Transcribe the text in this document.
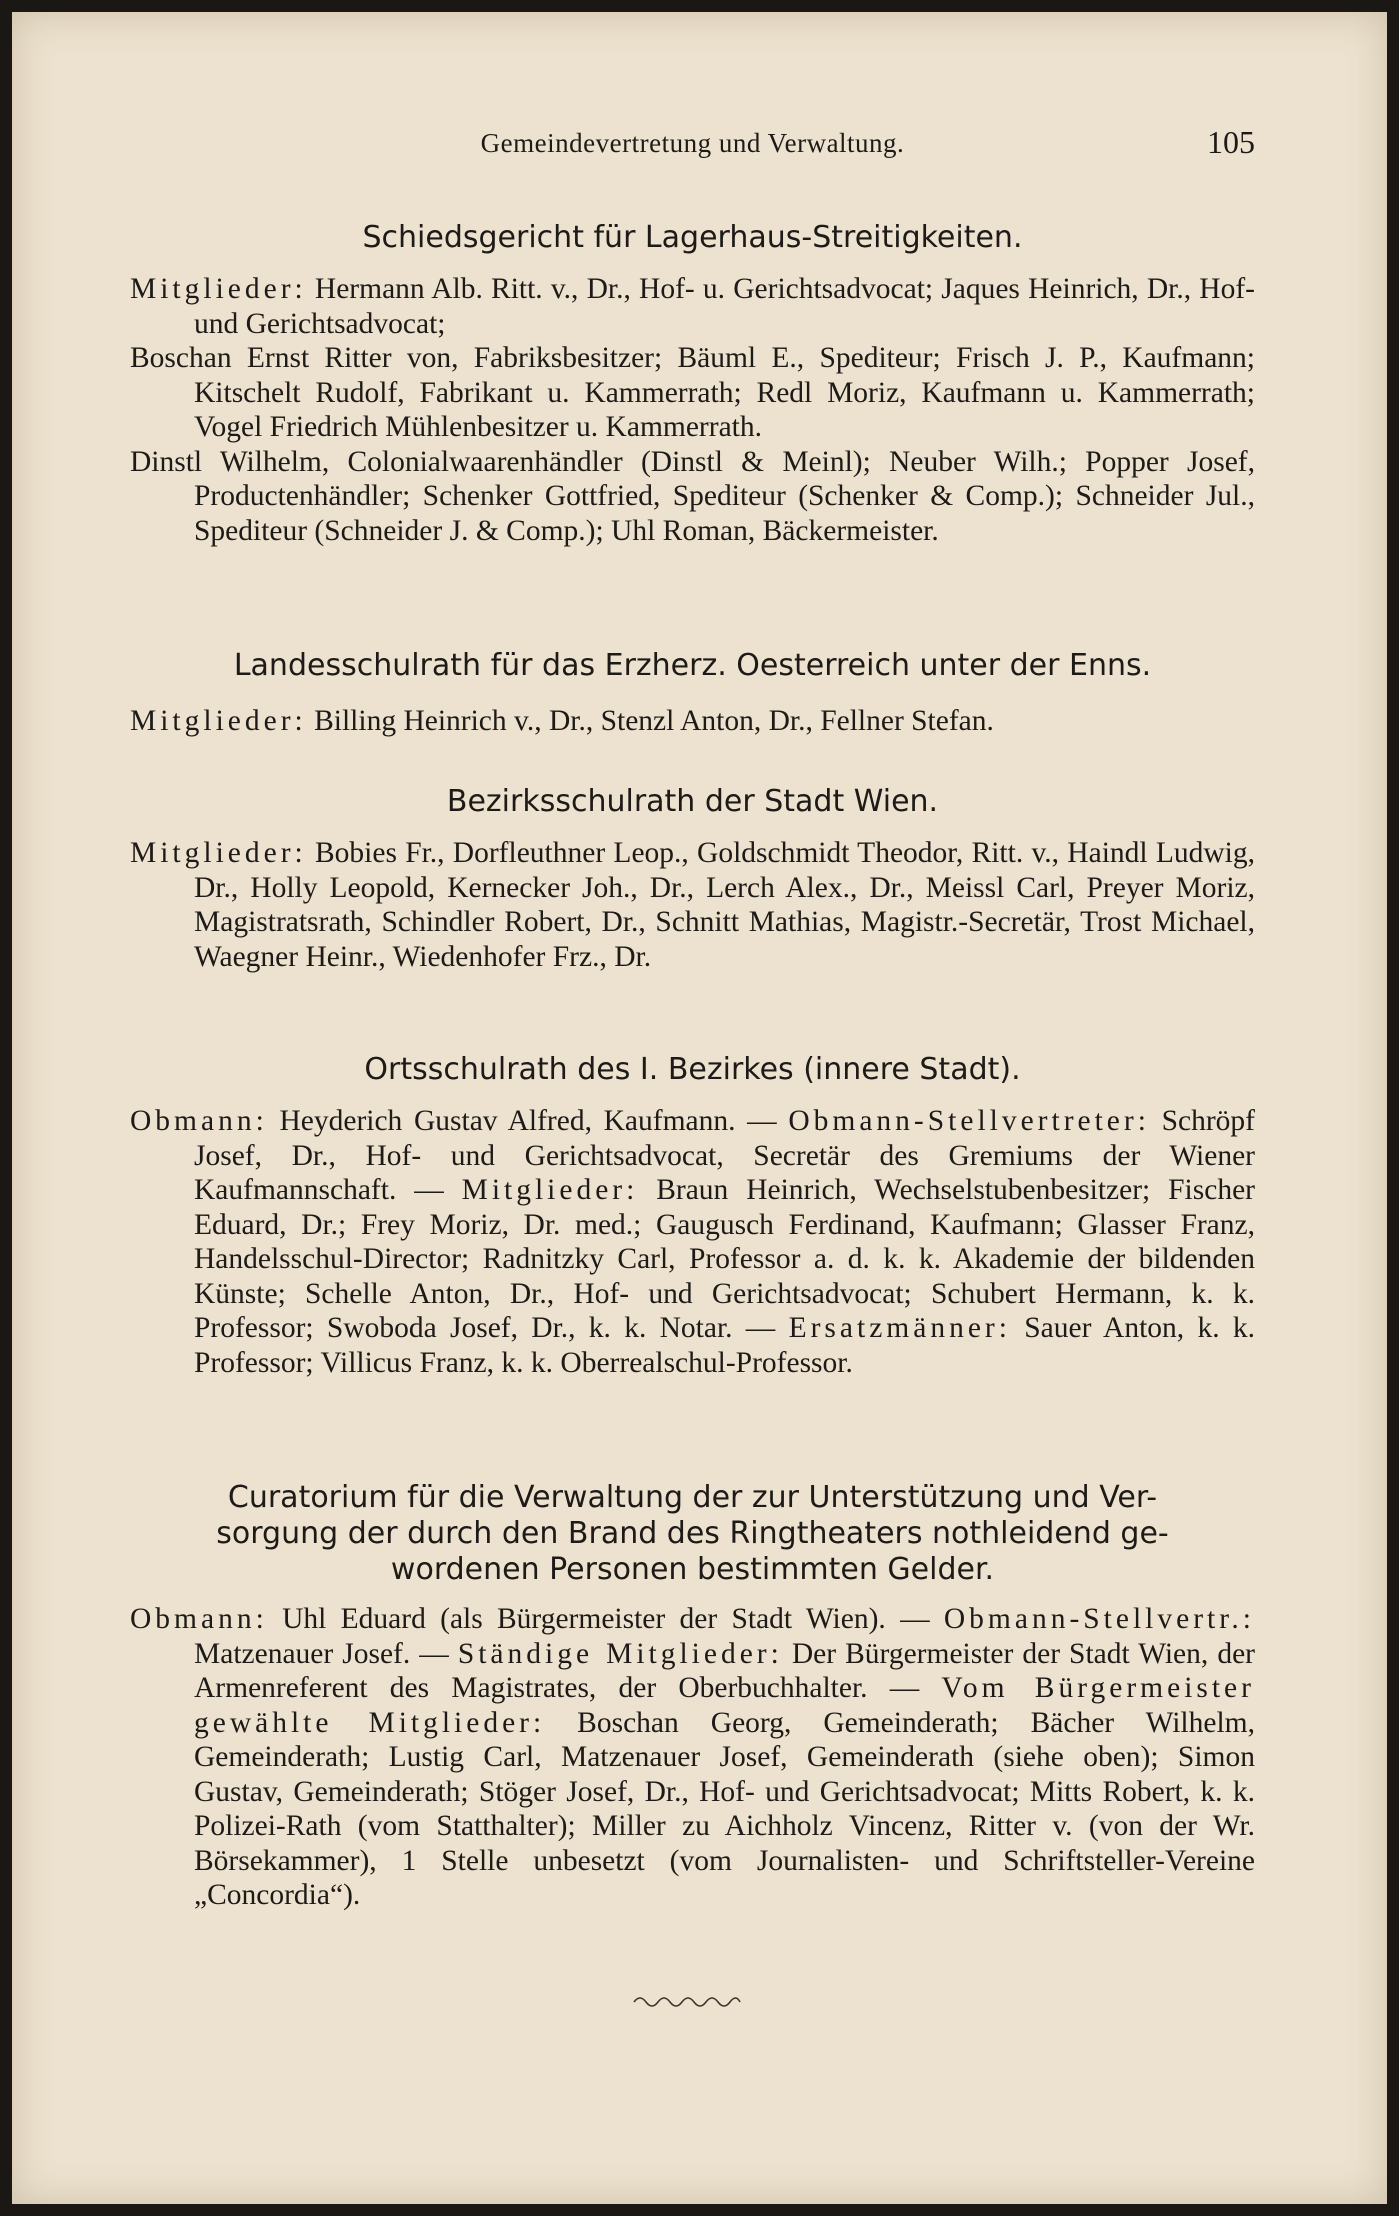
Gemeindevertretung und Verwaltung.	105
Schiedsgericht für Lagerhaus-Streitigkeiten.

Mitglieder: Hermann Alb. Ritt. v., Dr., Hof- u. Gerichtsadvocat; Jaques Heinrich, Dr., Hof- und Gerichtsadvocat;

Boschan Ernst Ritter von, Fabriksbesitzer; Bäuml E., Spediteur; Frisch J. P., Kaufmann; Kitschelt Rudolf, Fabrikant u. Kammerrath; Redl Moriz, Kaufmann u. Kammerrath; Vogel Friedrich Mühlenbesitzer u. Kammerrath.

Dinstl Wilhelm, Colonialwaarenhändler (Dinstl & Meinl); Neuber Wilh.; Popper Josef, Productenhändler; Schenker Gottfried, Spediteur (Schenker & Comp.); Schneider Jul., Spediteur (Schneider J. & Comp.); Uhl Roman, Bäckermeister.

Landesschulrath für das Erzherz. Oesterreich unter der Enns.

Mitglieder: Billing Heinrich v., Dr., Stenzl Anton, Dr., Fellner Stefan.

Bezirksschulrath der Stadt Wien.

Mitglieder: Bobies Fr., Dorfleuthner Leop., Goldschmidt Theodor, Ritt. v., Haindl Ludwig, Dr., Holly Leopold, Kernecker Joh., Dr., Lerch Alex., Dr., Meissl Carl, Preyer Moriz, Magistratsrath, Schindler Robert, Dr., Schnitt Mathias, Magistr.-Secretär, Trost Michael, Waegner Heinr., Wiedenhofer Frz., Dr.

Ortsschulrath des I. Bezirkes (innere Stadt).

Obmann: Heyderich Gustav Alfred, Kaufmann. — Obmann-Stellvertreter: Schröpf Josef, Dr., Hof- und Gerichtsadvocat, Secretär des Gremiums der Wiener Kaufmannschaft. — Mitglieder: Braun Heinrich, Wechselstubenbesitzer; Fischer Eduard, Dr.; Frey Moriz, Dr. med.; Gaugusch Ferdinand, Kaufmann; Glasser Franz, Handelsschul-Director; Radnitzky Carl, Professor a. d. k. k. Akademie der bildenden Künste; Schelle Anton, Dr., Hof- und Gerichtsadvocat; Schubert Hermann, k. k. Professor; Swoboda Josef, Dr., k. k. Notar. — Ersatzmänner: Sauer Anton, k. k. Professor; Villicus Franz, k. k. Oberrealschul-Professor.

Curatorium für die Verwaltung der zur Unterstützung und Ver-
sorgung der durch den Brand des Ringtheaters nothleidend ge-
wordenen Personen bestimmten Gelder.

Obmann: Uhl Eduard (als Bürgermeister der Stadt Wien). — Obmann-Stellvertr.: Matzenauer Josef. — Ständige Mitglieder: Der Bürgermeister der Stadt Wien, der Armenreferent des Magistrates, der Oberbuchhalter. — Vom Bürgermeister gewählte Mitglieder: Boschan Georg, Gemeinderath; Bächer Wilhelm, Gemeinderath; Lustig Carl, Matzenauer Josef, Gemeinderath (siehe oben); Simon Gustav, Gemeinderath; Stöger Josef, Dr., Hof- und Gerichtsadvocat; Mitts Robert, k. k. Polizei-Rath (vom Statthalter); Miller zu Aichholz Vincenz, Ritter v. (von der Wr. Börsekammer), 1 Stelle unbesetzt (vom Journalisten- und Schriftsteller-Vereine „Concordia“).
